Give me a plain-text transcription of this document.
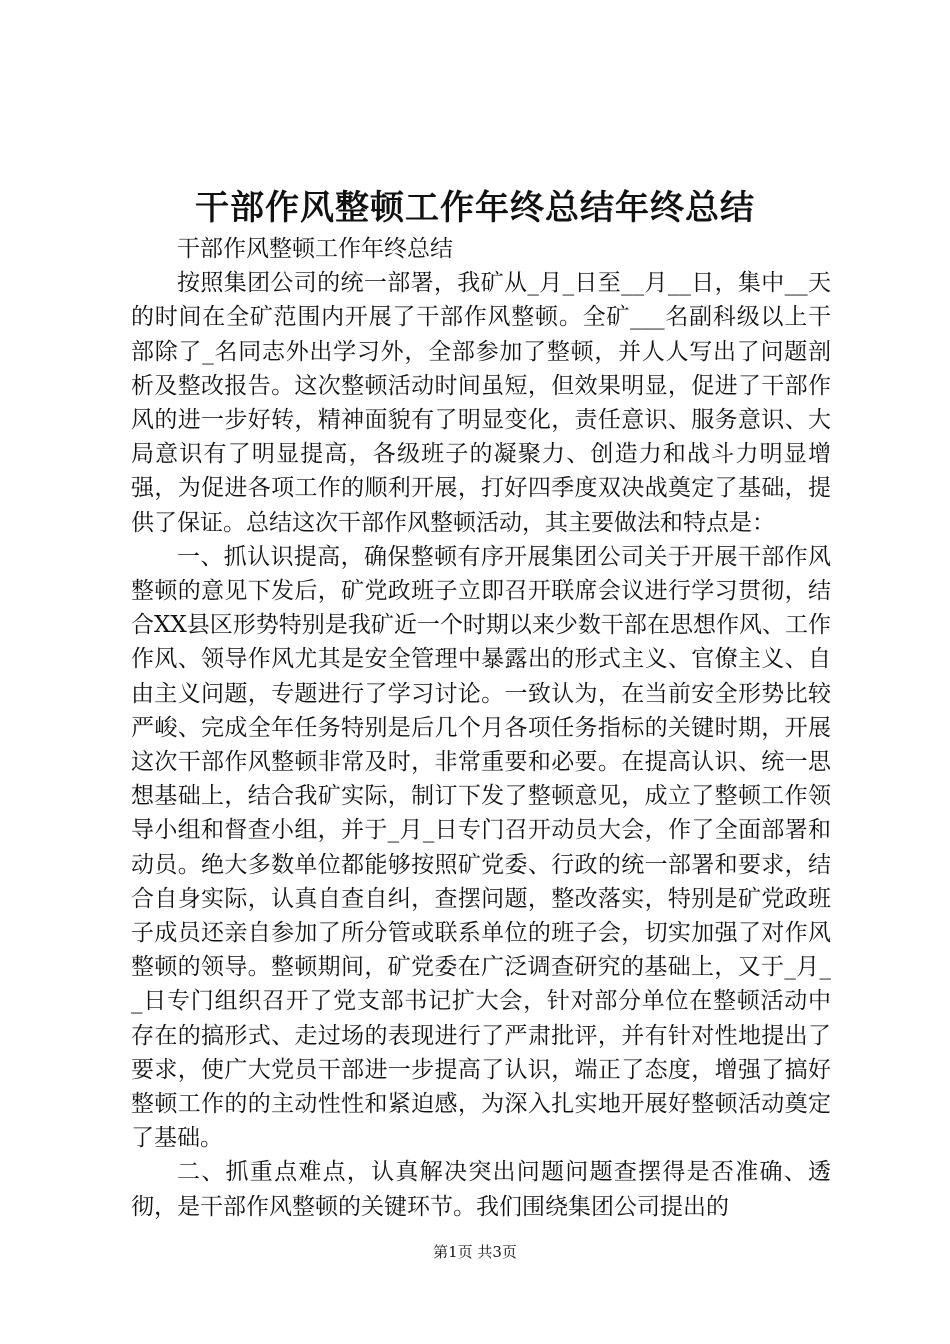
干部作风整顿工作年终总结年终总结

干部作风整顿工作年终总结

按照集团公司的统一部署，我矿从_月_日至__月__日，集中__天的时间在全矿范围内开展了干部作风整顿。全矿___名副科级以上干部除了_名同志外出学习外，全部参加了整顿，并人人写出了问题剖析及整改报告。这次整顿活动时间虽短，但效果明显，促进了干部作风的进一步好转，精神面貌有了明显变化，责任意识、服务意识、大局意识有了明显提高，各级班子的凝聚力、创造力和战斗力明显增强，为促进各项工作的顺利开展，打好四季度双决战奠定了基础，提供了保证。总结这次干部作风整顿活动，其主要做法和特点是：

一、抓认识提高，确保整顿有序开展集团公司关于开展干部作风整顿的意见下发后，矿党政班子立即召开联席会议进行学习贯彻，结合XX县区形势特别是我矿近一个时期以来少数干部在思想作风、工作作风、领导作风尤其是安全管理中暴露出的形式主义、官僚主义、自由主义问题，专题进行了学习讨论。一致认为，在当前安全形势比较严峻、完成全年任务特别是后几个月各项任务指标的关键时期，开展这次干部作风整顿非常及时，非常重要和必要。在提高认识、统一思想基础上，结合我矿实际，制订下发了整顿意见，成立了整顿工作领导小组和督查小组，并于_月_日专门召开动员大会，作了全面部署和动员。绝大多数单位都能够按照矿党委、行政的统一部署和要求，结合自身实际，认真自查自纠，查摆问题，整改落实，特别是矿党政班子成员还亲自参加了所分管或联系单位的班子会，切实加强了对作风整顿的领导。整顿期间，矿党委在广泛调查研究的基础上，又于_月__日专门组织召开了党支部书记扩大会，针对部分单位在整顿活动中存在的搞形式、走过场的表现进行了严肃批评，并有针对性地提出了要求，使广大党员干部进一步提高了认识，端正了态度，增强了搞好整顿工作的的主动性性和紧迫感，为深入扎实地开展好整顿活动奠定了基础。

二、抓重点难点，认真解决突出问题问题查摆得是否准确、透彻，是干部作风整顿的关键环节。我们围绕集团公司提出的

第1页 共3页
